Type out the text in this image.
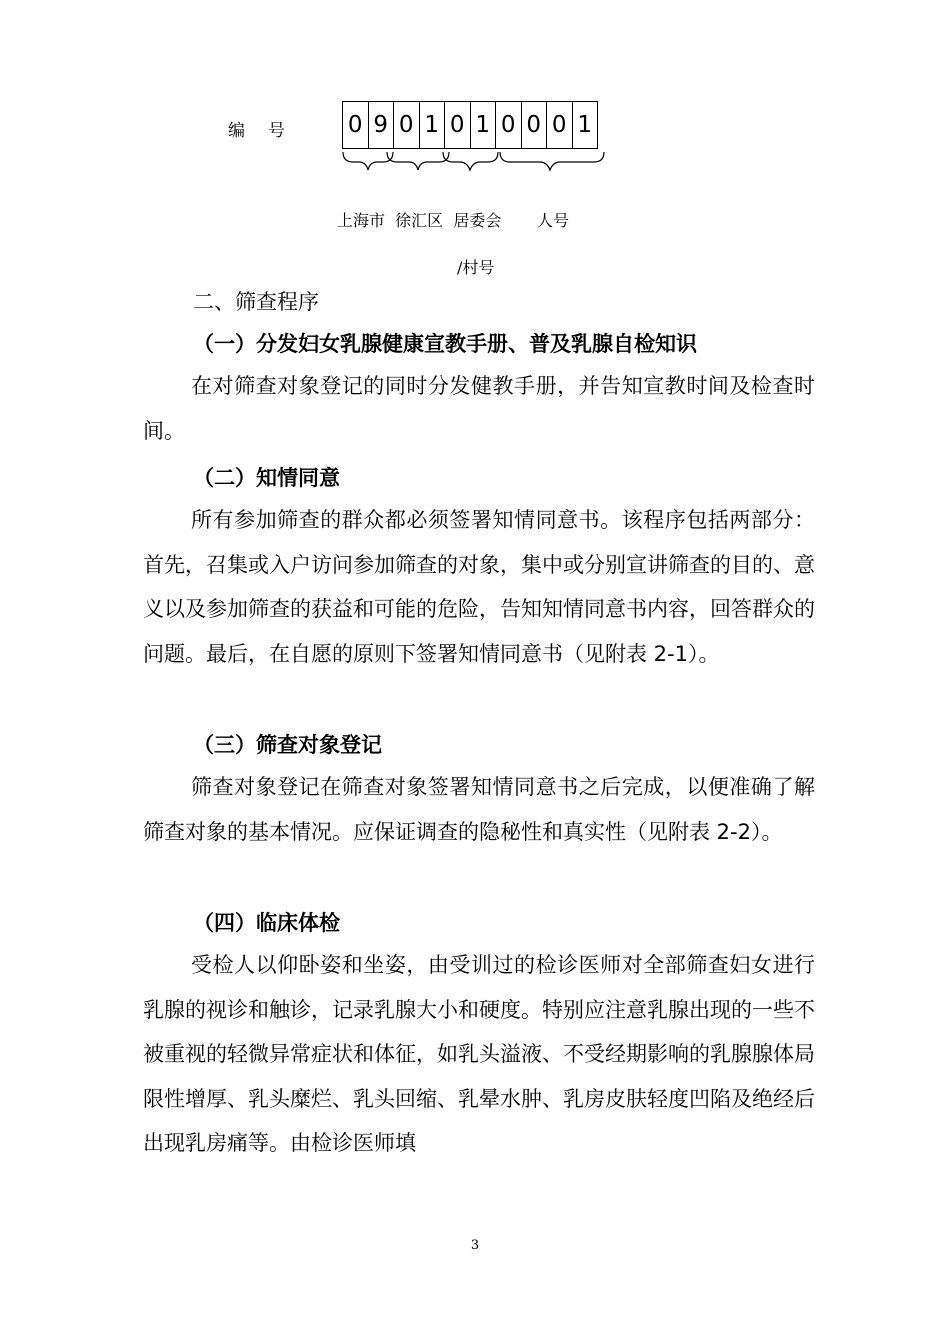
编 号	0 9 0 1 0 1 0 0 0 1
上海市  徐汇区  居委会       人号
/村号
二、筛查程序
（一）分发妇女乳腺健康宣教手册、普及乳腺自检知识
在对筛查对象登记的同时分发健教手册，并告知宣教时间及检查时间。
（二）知情同意
所有参加筛查的群众都必须签署知情同意书。该程序包括两部分：首先，召集或入户访问参加筛查的对象，集中或分别宣讲筛查的目的、意义以及参加筛查的获益和可能的危险，告知知情同意书内容，回答群众的问题。最后，在自愿的原则下签署知情同意书（见附表 2-1）。
（三）筛查对象登记
筛查对象登记在筛查对象签署知情同意书之后完成，以便准确了解筛查对象的基本情况。应保证调查的隐秘性和真实性（见附表 2-2）。
（四）临床体检
受检人以仰卧姿和坐姿，由受训过的检诊医师对全部筛查妇女进行乳腺的视诊和触诊，记录乳腺大小和硬度。特别应注意乳腺出现的一些不被重视的轻微异常症状和体征，如乳头溢液、不受经期影响的乳腺腺体局限性增厚、乳头糜烂、乳头回缩、乳晕水肿、乳房皮肤轻度凹陷及绝经后出现乳房痛等。由检诊医师填
3
